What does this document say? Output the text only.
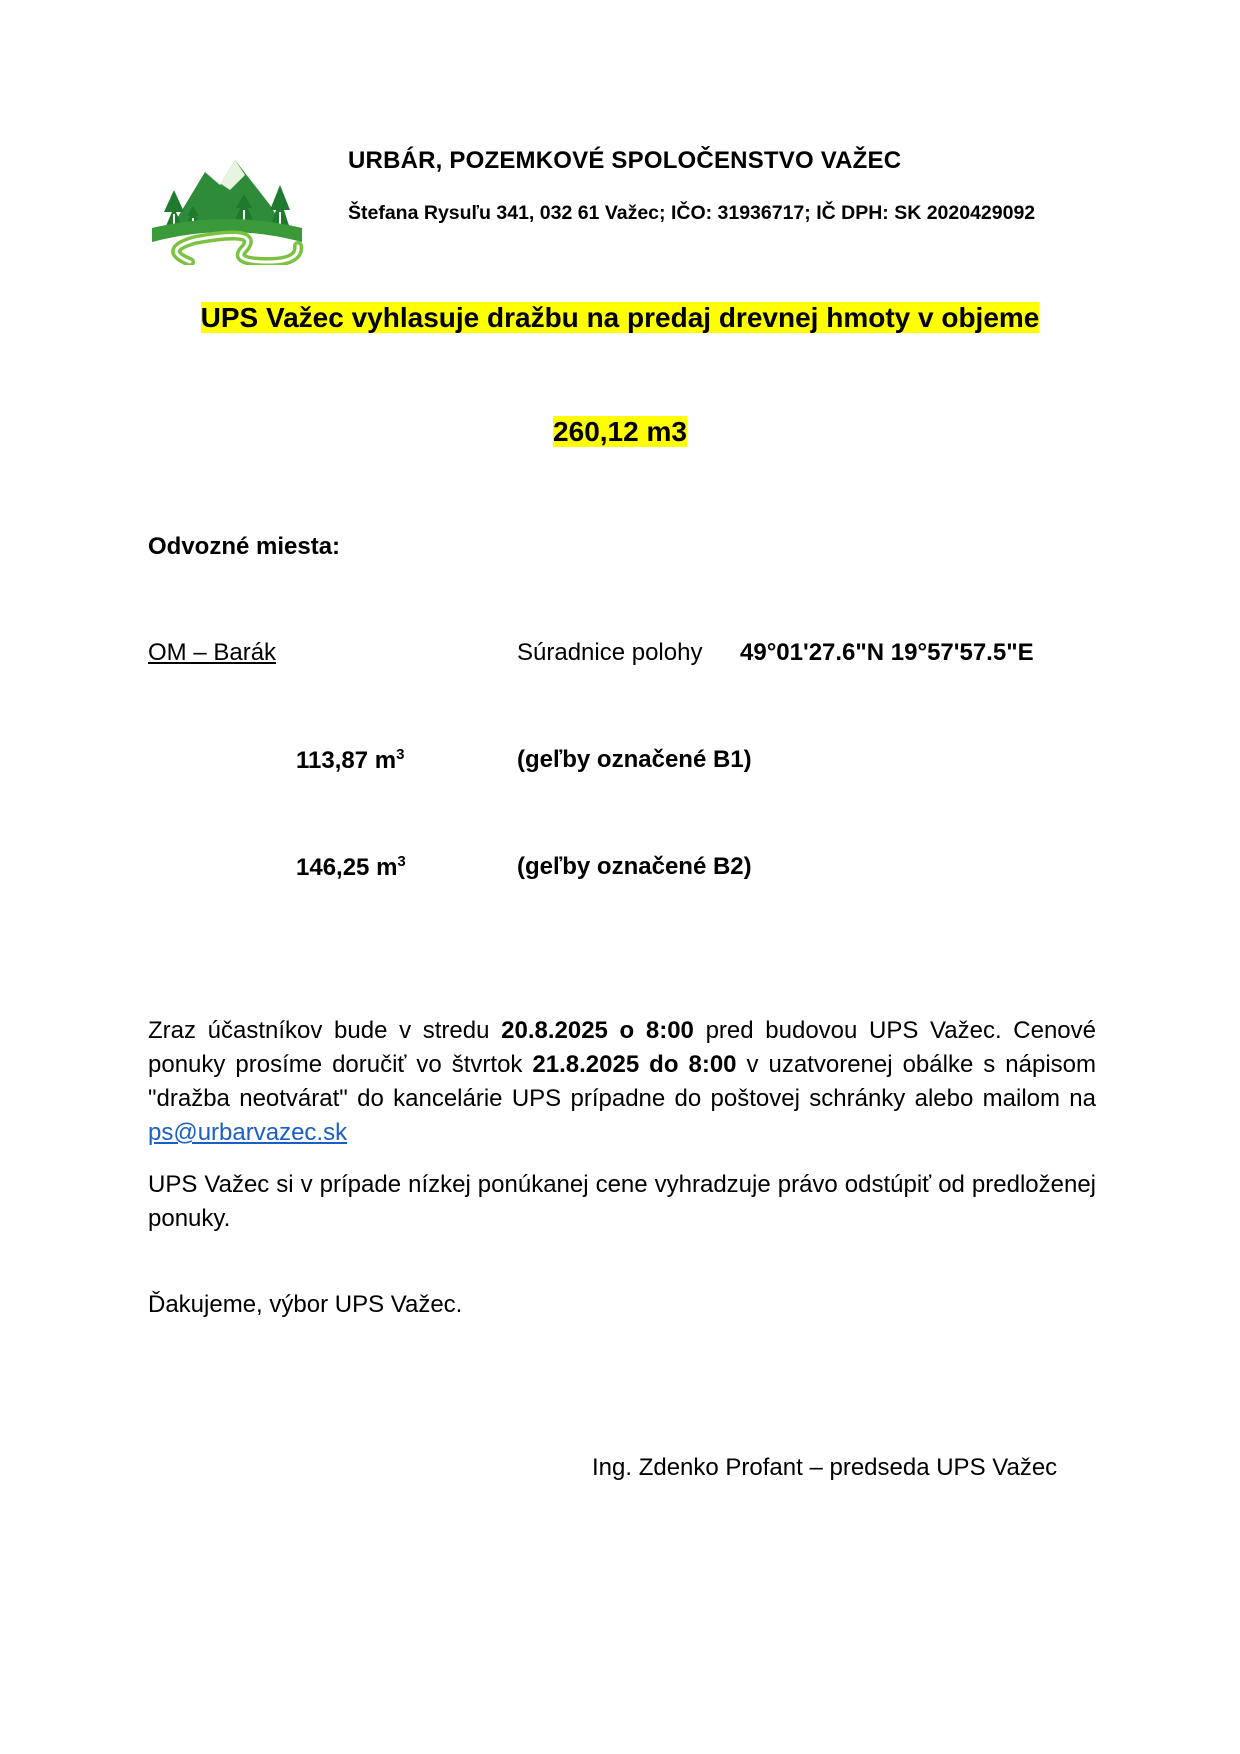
URBÁR, POZEMKOVÉ SPOLOČENSTVO VAŽEC
Štefana Rysuľu 341, 032 61 Važec; IČO: 31936717; IČ DPH: SK 2020429092
UPS Važec vyhlasuje dražbu na predaj drevnej hmoty v objeme
260,12 m3
Odvozné miesta:
OM – Barák	Súradnice polohy 49°01'27.6"N 19°57'57.5"E
113,87 $m^3$	(geľby označené B1)
146,25 $m^3$	(geľby označené B2)
Zraz účastníkov bude v stredu 20.8.2025 o 8:00 pred budovou UPS Važec. Cenové ponuky prosíme doručiť vo štvrtok 21.8.2025 do 8:00 v uzatvorenej obálke s nápisom "dražba neotvárat" do kancelárie UPS prípadne do poštovej schránky alebo mailom na ps@urbarvazec.sk
UPS Važec si v prípade nízkej ponúkanej cene vyhradzuje právo odstúpiť od predloženej ponuky.
Ďakujeme, výbor UPS Važec.
Ing. Zdenko Profant – predseda UPS Važec
